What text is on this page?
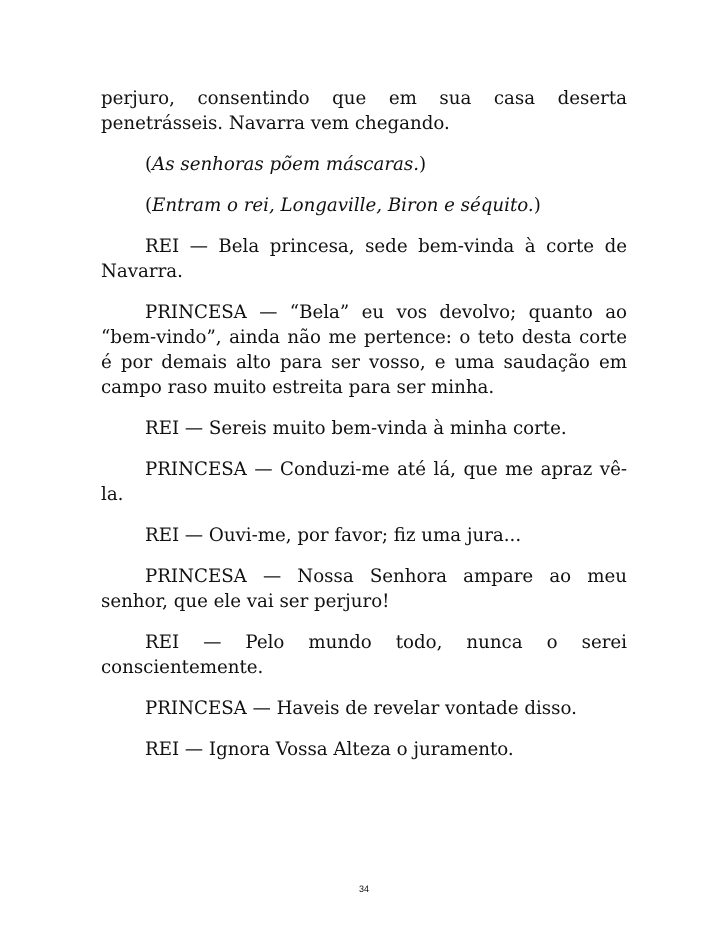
perjuro, consentindo que em sua casa deserta penetrásseis. Navarra vem chegando.

(As senhoras põem máscaras.)

(Entram o rei, Longaville, Biron e séquito.)

REI — Bela princesa, sede bem-vinda à corte de Navarra.

PRINCESA — “Bela” eu vos devolvo; quanto ao “bem-vindo”, ainda não me pertence: o teto desta corte é por demais alto para ser vosso, e uma saudação em campo raso muito estreita para ser minha.

REI — Sereis muito bem-vinda à minha corte.

PRINCESA — Conduzi-me até lá, que me apraz vê-la.

REI — Ouvi-me, por favor; fiz uma jura...

PRINCESA — Nossa Senhora ampare ao meu senhor, que ele vai ser perjuro!

REI — Pelo mundo todo, nunca o serei conscientemente.

PRINCESA — Haveis de revelar vontade disso.

REI — Ignora Vossa Alteza o juramento.

34
